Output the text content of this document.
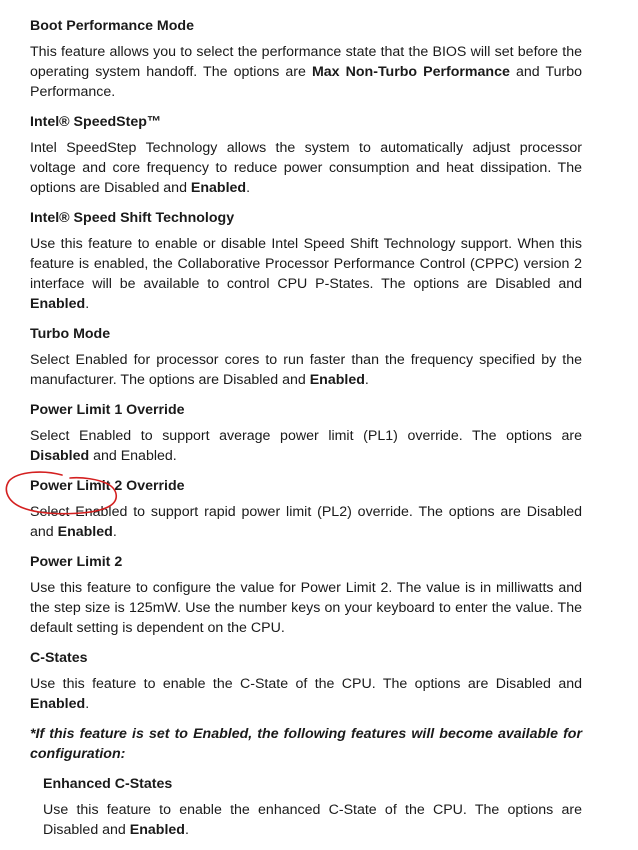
Boot Performance Mode

This feature allows you to select the performance state that the BIOS will set before the operating system handoff. The options are Max Non-Turbo Performance and Turbo Performance.

Intel® SpeedStep™

Intel SpeedStep Technology allows the system to automatically adjust processor voltage and core frequency to reduce power consumption and heat dissipation. The options are Disabled and Enabled.

Intel® Speed Shift Technology

Use this feature to enable or disable Intel Speed Shift Technology support. When this feature is enabled, the Collaborative Processor Performance Control (CPPC) version 2 interface will be available to control CPU P-States. The options are Disabled and Enabled.

Turbo Mode

Select Enabled for processor cores to run faster than the frequency specified by the manufacturer. The options are Disabled and Enabled.

Power Limit 1 Override

Select Enabled to support average power limit (PL1) override. The options are Disabled and Enabled.

Power Limit 2 Override

Select Enabled to support rapid power limit (PL2) override. The options are Disabled and Enabled.

Power Limit 2

Use this feature to configure the value for Power Limit 2. The value is in milliwatts and the step size is 125mW. Use the number keys on your keyboard to enter the value. The default setting is dependent on the CPU.

C-States

Use this feature to enable the C-State of the CPU. The options are Disabled and Enabled.

*If this feature is set to Enabled, the following features will become available for configuration:

Enhanced C-States

Use this feature to enable the enhanced C-State of the CPU. The options are Disabled and Enabled.
